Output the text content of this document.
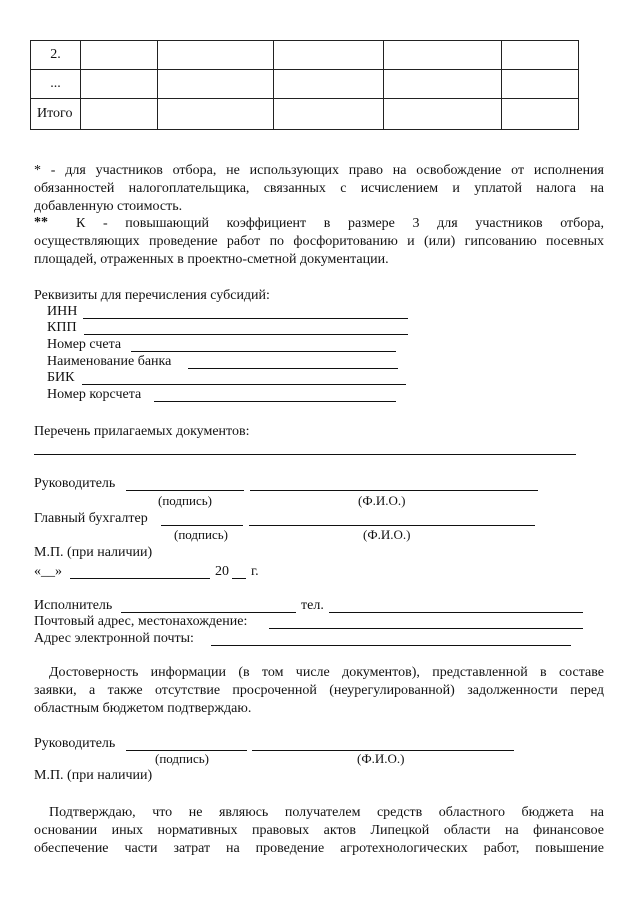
2.					
...					
Итого					
* - для участников отбора, не использующих право на освобождение от исполнения
обязанностей налогоплательщика, связанных с исчислением и уплатой налога на
добавленную стоимость.
** К - повышающий коэффициент в размере 3 для участников отбора,
осуществляющих проведение работ по фосфоритованию и (или) гипсованию посевных
площадей, отраженных в проектно-сметной документации.
Реквизиты для перечисления субсидий:
ИНН
КПП
Номер счета
Наименование банка
БИК
Номер корсчета
Перечень прилагаемых документов:
Руководитель
(подпись)	(Ф.И.О.)
Главный бухгалтер
(подпись)	(Ф.И.О.)
М.П. (при наличии)
«__»	20 г.
Исполнитель	тел.
Почтовый адрес, местонахождение:
Адрес электронной почты:
Достоверность информации (в том числе документов), представленной в составе
заявки, а также отсутствие просроченной (неурегулированной) задолженности перед
областным бюджетом подтверждаю.
Руководитель
(подпись)	(Ф.И.О.)
М.П. (при наличии)
Подтверждаю, что не являюсь получателем средств областного бюджета на
основании иных нормативных правовых актов Липецкой области на финансовое
обеспечение части затрат на проведение агротехнологических работ, повышение
